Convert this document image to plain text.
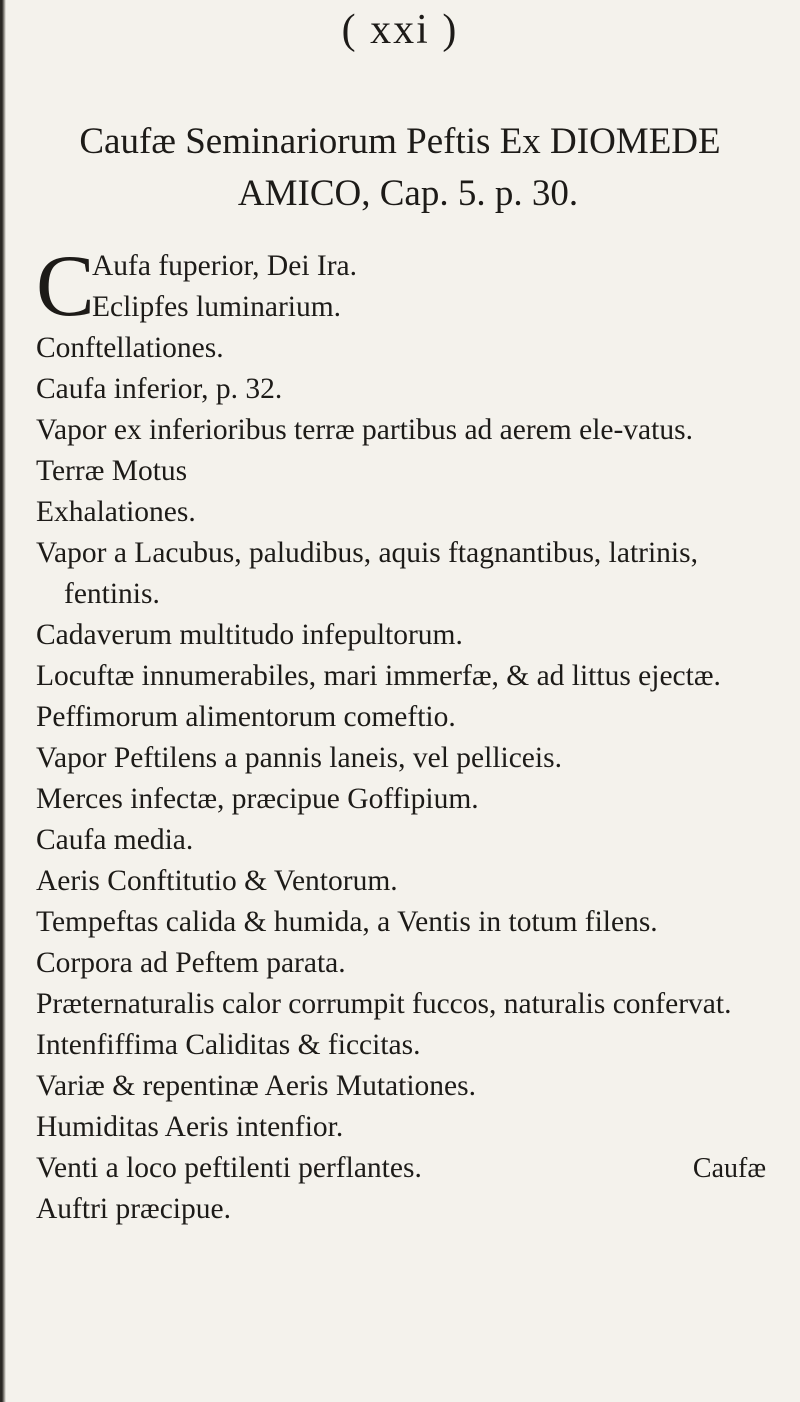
( xxi )
Caufæ Seminariorum Peftis Ex DIOMEDE
AMICO, Cap. 5. p. 30.
C
Aufa fuperior, Dei Ira.
Eclipfes luminarium.
Conftellationes.
Caufa inferior, p. 32.
Vapor ex inferioribus terræ partibus ad aerem ele-vatus.
Terræ Motus
Exhalationes.
Vapor a Lacubus, paludibus, aquis ftagnantibus, latrinis, fentinis.
Cadaverum multitudo infepultorum.
Locuftæ innumerabiles, mari immerfæ, & ad littus ejectæ.
Peffimorum alimentorum comeftio.
Vapor Peftilens a pannis laneis, vel pelliceis.
Merces infectæ, præcipue Goffipium.
Caufa media.
Aeris Conftitutio & Ventorum.
Tempeftas calida & humida, a Ventis in totum filens.
Corpora ad Peftem parata.
Præternaturalis calor corrumpit fuccos, naturalis confervat.
Intenfiffima Caliditas & ficcitas.
Variæ & repentinæ Aeris Mutationes.
Humiditas Aeris intenfior.
Venti a loco peftilenti perflantes.
Auftri præcipue.
Caufæ
